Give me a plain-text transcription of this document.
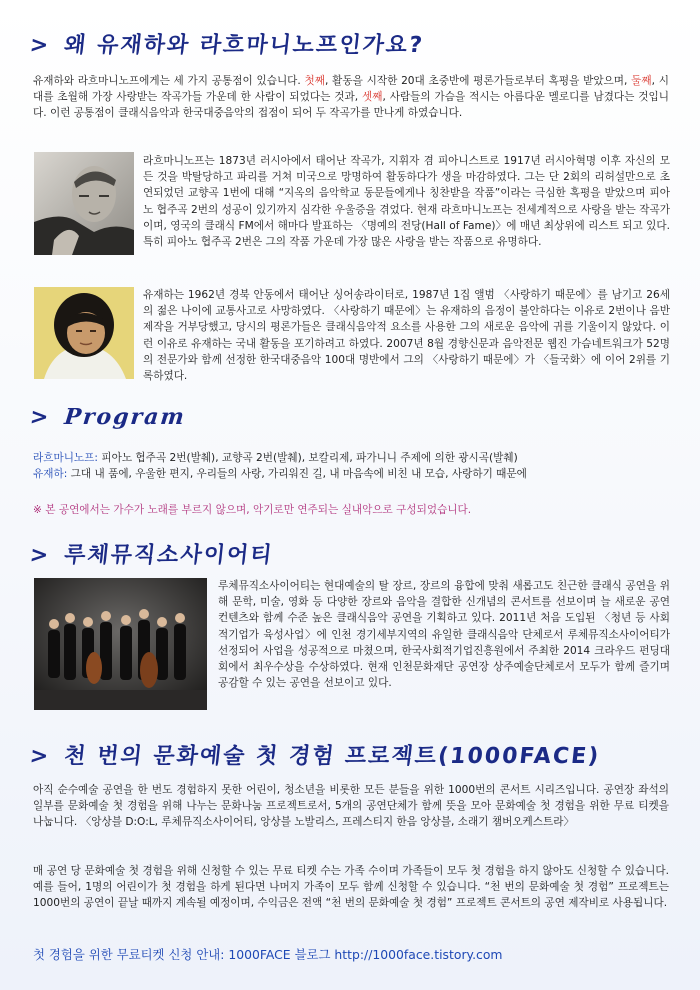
> 왜 유재하와 라흐마니노프인가요?

유재하와 라흐마니노프에게는 세 가지 공통점이 있습니다. 첫째, 활동을 시작한 20대 초중반에 평론가들로부터 혹평을 받았으며, 둘째, 시대를 초월해 가장 사랑받는 작곡가들 가운데 한 사람이 되었다는 것과, 셋째, 사람들의 가슴을 적시는 아름다운 멜로디를 남겼다는 것입니다. 이런 공통점이 클래식음악과 한국대중음악의 접점이 되어 두 작곡가를 만나게 하였습니다.

라흐마니노프는 1873년 러시아에서 태어난 작곡가, 지휘자 겸 피아니스트로 1917년 러시아혁명 이후 자신의 모든 것을 박탈당하고 파리를 거쳐 미국으로 망명하여 활동하다가 생을 마감하였다. 그는 단 2회의 리허설만으로 초연되었던 교향곡 1번에 대해 “지옥의 음악학교 동문들에게나 칭찬받을 작품”이라는 극심한 혹평을 받았으며 피아노 협주곡 2번의 성공이 있기까지 심각한 우울증을 겪었다. 현재 라흐마니노프는 전세계적으로 사랑을 받는 작곡가이며, 영국의 클래식 FM에서 해마다 발표하는 〈명예의 전당(Hall of Fame)〉에 매년 최상위에 리스트 되고 있다. 특히 피아노 협주곡 2번은 그의 작품 가운데 가장 많은 사랑을 받는 작품으로 유명하다.

유재하는 1962년 경북 안동에서 태어난 싱어송라이터로, 1987년 1집 앨범 〈사랑하기 때문에〉를 남기고 26세의 젊은 나이에 교통사고로 사망하였다. 〈사랑하기 때문에〉는 유재하의 음정이 불안하다는 이유로 2번이나 음반 제작을 거부당했고, 당시의 평론가들은 클래식음악적 요소를 사용한 그의 새로운 음악에 귀를 기울이지 않았다. 이런 이유로 유재하는 국내 활동을 포기하려고 하였다. 2007년 8월 경향신문과 음악전문 웹진 가슴네트워크가 52명의 전문가와 함께 선정한 한국대중음악 100대 명반에서 그의 〈사랑하기 때문에〉가 〈들국화〉에 이어 2위를 기록하였다.

> Program
라흐마니노프: 피아노 협주곡 2번(발췌), 교향곡 2번(발췌), 보칼리제, 파가니니 주제에 의한 광시곡(발췌)
유재하: 그대 내 품에, 우울한 편지, 우리들의 사랑, 가리워진 길, 내 마음속에 비친 내 모습, 사랑하기 때문에
※ 본 공연에서는 가수가 노래를 부르지 않으며, 악기로만 연주되는 실내악으로 구성되었습니다.
> 루체뮤직소사이어티

루체뮤직소사이어티는 현대예술의 탈 장르, 장르의 융합에 맞춰 새롭고도 친근한 클래식 공연을 위해 문학, 미술, 영화 등 다양한 장르와 음악을 결합한 신개념의 콘서트를 선보이며 늘 새로운 공연 컨텐츠와 함께 수준 높은 클래식음악 공연을 기획하고 있다. 2011년 처음 도입된 〈청년 등 사회적기업가 육성사업〉에 인천 경기세부지역의 유일한 클래식음악 단체로서 루체뮤직소사이어티가 선정되어 사업을 성공적으로 마쳤으며, 한국사회적기업진흥원에서 주최한 2014 크라우드 펀딩대회에서 최우수상을 수상하였다. 현재 인천문화재단 공연장 상주예술단체로서 모두가 함께 즐기며 공감할 수 있는 공연을 선보이고 있다.

> 천 번의 문화예술 첫 경험 프로젝트(1000FACE)

아직 순수예술 공연을 한 번도 경험하지 못한 어린이, 청소년을 비롯한 모든 분들을 위한 1000번의 콘서트 시리즈입니다. 공연장 좌석의 일부를 문화예술 첫 경험을 위해 나누는 문화나눔 프로젝트로서, 5개의 공연단체가 함께 뜻을 모아 문화예술 첫 경험을 위한 무료 티켓을 나눕니다. 〈앙상블 D:O:L, 루체뮤직소사이어티, 앙상블 노발리스, 프레스티지 한음 앙상블, 소래기 챔버오케스트라〉

매 공연 당 문화예술 첫 경험을 위해 신청할 수 있는 무료 티켓 수는 가족 수이며 가족들이 모두 첫 경험을 하지 않아도 신청할 수 있습니다. 예를 들어, 1명의 어린이가 첫 경험을 하게 된다면 나머지 가족이 모두 함께 신청할 수 있습니다. “천 번의 문화예술 첫 경험” 프로젝트는 1000번의 공연이 끝날 때까지 계속될 예정이며, 수익금은 전액 “천 번의 문화예술 첫 경험” 프로젝트 콘서트의 공연 제작비로 사용됩니다.

첫 경험을 위한 무료티켓 신청 안내: 1000FACE 블로그 http://1000face.tistory.com
